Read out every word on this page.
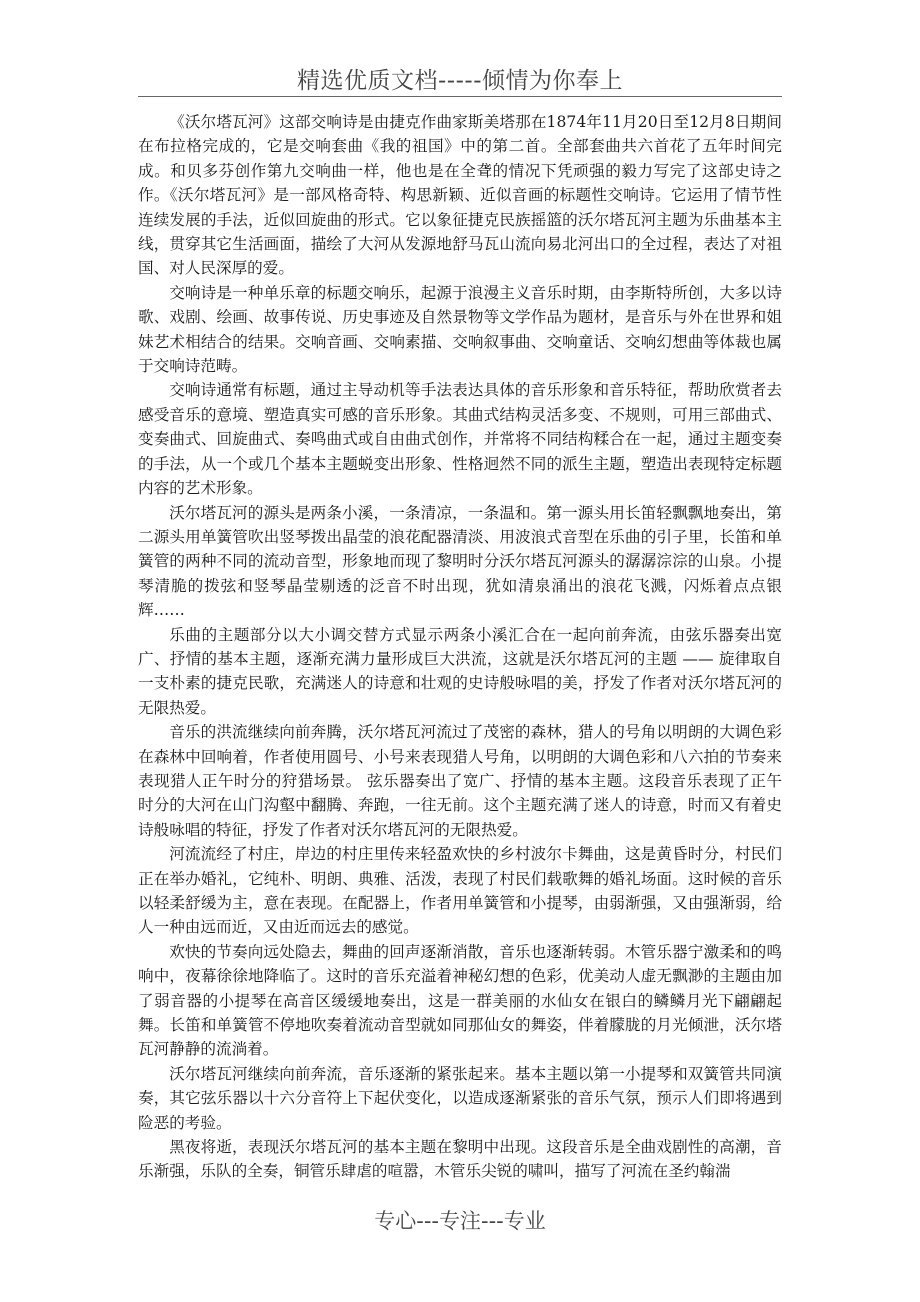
精选优质文档-----倾情为你奉上

《沃尔塔瓦河》这部交响诗是由捷克作曲家斯美塔那在1874年11月20日至12月8日期间在布拉格完成的，它是交响套曲《我的祖国》中的第二首。全部套曲共六首花了五年时间完成。和贝多芬创作第九交响曲一样，他也是在全聋的情况下凭顽强的毅力写完了这部史诗之作。《沃尔塔瓦河》是一部风格奇特、构思新颖、近似音画的标题性交响诗。它运用了情节性连续发展的手法，近似回旋曲的形式。它以象征捷克民族摇篮的沃尔塔瓦河主题为乐曲基本主线，贯穿其它生活画面，描绘了大河从发源地舒马瓦山流向易北河出口的全过程，表达了对祖国、对人民深厚的爱。

交响诗是一种单乐章的标题交响乐，起源于浪漫主义音乐时期，由李斯特所创，大多以诗歌、戏剧、绘画、故事传说、历史事迹及自然景物等文学作品为题材，是音乐与外在世界和姐妹艺术相结合的结果。交响音画、交响素描、交响叙事曲、交响童话、交响幻想曲等体裁也属于交响诗范畴。

交响诗通常有标题，通过主导动机等手法表达具体的音乐形象和音乐特征，帮助欣赏者去感受音乐的意境、塑造真实可感的音乐形象。其曲式结构灵活多变、不规则，可用三部曲式、变奏曲式、回旋曲式、奏鸣曲式或自由曲式创作，并常将不同结构糅合在一起，通过主题变奏的手法，从一个或几个基本主题蜕变出形象、性格迥然不同的派生主题，塑造出表现特定标题内容的艺术形象。

沃尔塔瓦河的源头是两条小溪，一条清凉，一条温和。第一源头用长笛轻飘飘地奏出，第二源头用单簧管吹出竖琴拨出晶莹的浪花配器清淡、用波浪式音型在乐曲的引子里，长笛和单簧管的两种不同的流动音型，形象地而现了黎明时分沃尔塔瓦河源头的潺潺淙淙的山泉。小提琴清脆的拨弦和竖琴晶莹剔透的泛音不时出现，犹如清泉涌出的浪花飞溅，闪烁着点点银辉……

乐曲的主题部分以大小调交替方式显示两条小溪汇合在一起向前奔流，由弦乐器奏出宽广、抒情的基本主题，逐渐充满力量形成巨大洪流，这就是沃尔塔瓦河的主题 —— 旋律取自一支朴素的捷克民歌，充满迷人的诗意和壮观的史诗般咏唱的美，抒发了作者对沃尔塔瓦河的无限热爱。

音乐的洪流继续向前奔腾，沃尔塔瓦河流过了茂密的森林，猎人的号角以明朗的大调色彩在森林中回响着，作者使用圆号、小号来表现猎人号角，以明朗的大调色彩和八六拍的节奏来表现猎人正午时分的狩猎场景。 弦乐器奏出了宽广、抒情的基本主题。这段音乐表现了正午时分的大河在山门沟壑中翻腾、奔跑，一往无前。这个主题充满了迷人的诗意，时而又有着史诗般咏唱的特征，抒发了作者对沃尔塔瓦河的无限热爱。

河流流经了村庄，岸边的村庄里传来轻盈欢快的乡村波尔卡舞曲，这是黄昏时分，村民们正在举办婚礼，它纯朴、明朗、典雅、活泼，表现了村民们载歌舞的婚礼场面。这时候的音乐以轻柔舒缓为主，意在表现。在配器上，作者用单簧管和小提琴，由弱渐强，又由强渐弱，给人一种由远而近，又由近而远去的感觉。

欢快的节奏向远处隐去，舞曲的回声逐渐消散，音乐也逐渐转弱。木管乐器宁激柔和的鸣响中，夜幕徐徐地降临了。这时的音乐充溢着神秘幻想的色彩，优美动人虚无飘渺的主题由加了弱音器的小提琴在高音区缓缓地奏出，这是一群美丽的水仙女在银白的鳞鳞月光下翩翩起舞。长笛和单簧管不停地吹奏着流动音型就如同那仙女的舞姿，伴着朦胧的月光倾泄，沃尔塔瓦河静静的流淌着。

沃尔塔瓦河继续向前奔流，音乐逐渐的紧张起来。基本主题以第一小提琴和双簧管共同演奏，其它弦乐器以十六分音符上下起伏变化，以造成逐渐紧张的音乐气氛，预示人们即将遇到险恶的考验。

黑夜将逝，表现沃尔塔瓦河的基本主题在黎明中出现。这段音乐是全曲戏剧性的高潮，音乐渐强，乐队的全奏，铜管乐肆虐的喧嚣，木管乐尖锐的啸叫，描写了河流在圣约翰湍

专心---专注---专业
